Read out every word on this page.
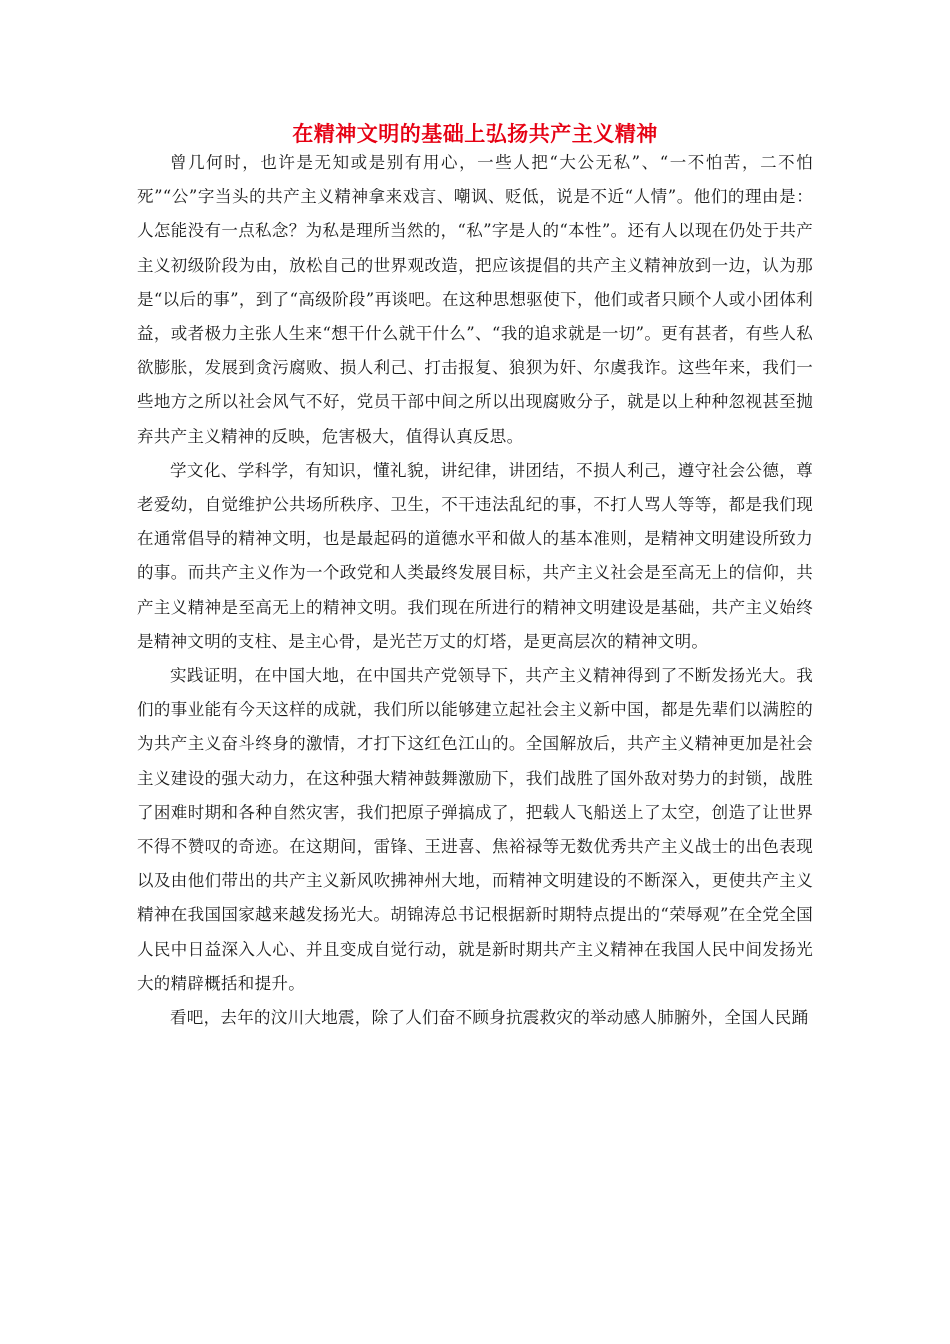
在精神文明的基础上弘扬共产主义精神

曾几何时，也许是无知或是别有用心，一些人把“大公无私”、“一不怕苦，二不怕死”“公”字当头的共产主义精神拿来戏言、嘲讽、贬低，说是不近“人情”。他们的理由是：人怎能没有一点私念？为私是理所当然的，“私”字是人的“本性”。还有人以现在仍处于共产主义初级阶段为由，放松自己的世界观改造，把应该提倡的共产主义精神放到一边，认为那是“以后的事”，到了“高级阶段”再谈吧。在这种思想驱使下，他们或者只顾个人或小团体利益，或者极力主张人生来“想干什么就干什么”、“我的追求就是一切”。更有甚者，有些人私欲膨胀，发展到贪污腐败、损人利己、打击报复、狼狈为奸、尔虞我诈。这些年来，我们一些地方之所以社会风气不好，党员干部中间之所以出现腐败分子，就是以上种种忽视甚至抛弃共产主义精神的反映，危害极大，值得认真反思。

学文化、学科学，有知识，懂礼貌，讲纪律，讲团结，不损人利己，遵守社会公德，尊老爱幼，自觉维护公共场所秩序、卫生，不干违法乱纪的事，不打人骂人等等，都是我们现在通常倡导的精神文明，也是最起码的道德水平和做人的基本准则，是精神文明建设所致力的事。而共产主义作为一个政党和人类最终发展目标，共产主义社会是至高无上的信仰，共产主义精神是至高无上的精神文明。我们现在所进行的精神文明建设是基础，共产主义始终是精神文明的支柱、是主心骨，是光芒万丈的灯塔，是更高层次的精神文明。

实践证明，在中国大地，在中国共产党领导下，共产主义精神得到了不断发扬光大。我们的事业能有今天这样的成就，我们所以能够建立起社会主义新中国，都是先辈们以满腔的为共产主义奋斗终身的激情，才打下这红色江山的。全国解放后，共产主义精神更加是社会主义建设的强大动力，在这种强大精神鼓舞激励下，我们战胜了国外敌对势力的封锁，战胜了困难时期和各种自然灾害，我们把原子弹搞成了，把载人飞船送上了太空，创造了让世界不得不赞叹的奇迹。在这期间，雷锋、王进喜、焦裕禄等无数优秀共产主义战士的出色表现以及由他们带出的共产主义新风吹拂神州大地，而精神文明建设的不断深入，更使共产主义精神在我国国家越来越发扬光大。胡锦涛总书记根据新时期特点提出的“荣辱观”在全党全国人民中日益深入人心、并且变成自觉行动，就是新时期共产主义精神在我国人民中间发扬光大的精辟概括和提升。

看吧，去年的汶川大地震，除了人们奋不顾身抗震救灾的举动感人肺腑外，全国人民踊
